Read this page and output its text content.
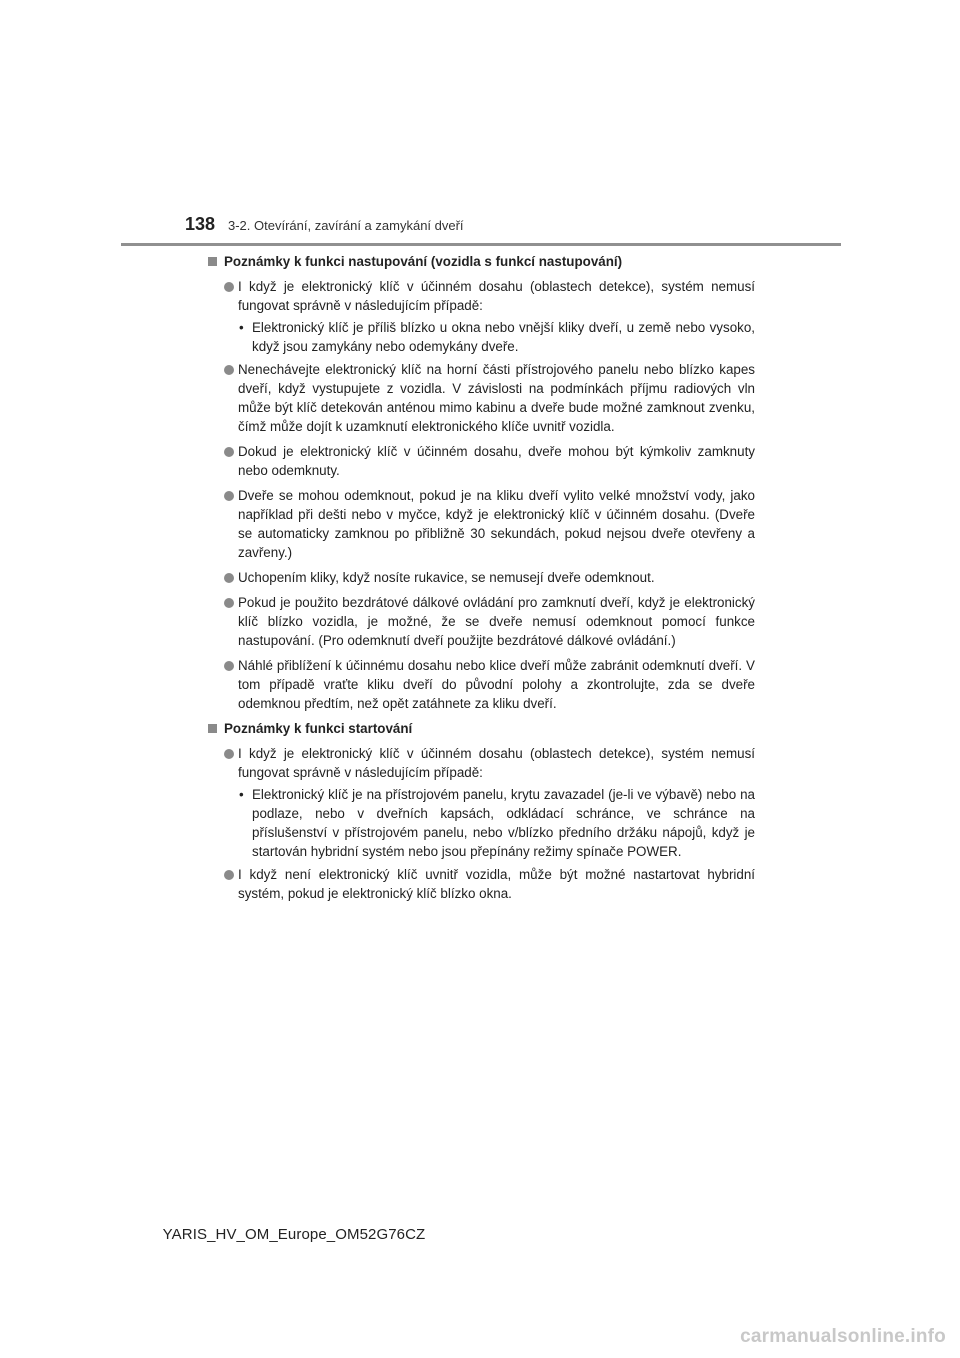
138 3-2. Otevírání, zavírání a zamykání dveří
Poznámky k funkci nastupování (vozidla s funkcí nastupování)
I když je elektronický klíč v účinném dosahu (oblastech detekce), systém nemusí fungovat správně v následujícím případě:
• Elektronický klíč je příliš blízko u okna nebo vnější kliky dveří, u země nebo vysoko, když jsou zamykány nebo odemykány dveře.
Nenechávejte elektronický klíč na horní části přístrojového panelu nebo blízko kapes dveří, když vystupujete z vozidla. V závislosti na podmínkách příjmu radiových vln může být klíč detekován anténou mimo kabinu a dveře bude možné zamknout zvenku, čímž může dojít k uzamknutí elektronického klíče uvnitř vozidla.
Dokud je elektronický klíč v účinném dosahu, dveře mohou být kýmkoliv zamknuty nebo odemknuty.
Dveře se mohou odemknout, pokud je na kliku dveří vylito velké množství vody, jako například při dešti nebo v myčce, když je elektronický klíč v účinném dosahu. (Dveře se automaticky zamknou po přibližně 30 sekundách, pokud nejsou dveře otevřeny a zavřeny.)
Uchopením kliky, když nosíte rukavice, se nemusejí dveře odemknout.
Pokud je použito bezdrátové dálkové ovládání pro zamknutí dveří, když je elektronický klíč blízko vozidla, je možné, že se dveře nemusí odemknout pomocí funkce nastupování. (Pro odemknutí dveří použijte bezdrátové dálkové ovládání.)
Náhlé přiblížení k účinnému dosahu nebo klice dveří může zabránit odemknutí dveří. V tom případě vraťte kliku dveří do původní polohy a zkontrolujte, zda se dveře odemknou předtím, než opět zatáhnete za kliku dveří.
Poznámky k funkci startování
I když je elektronický klíč v účinném dosahu (oblastech detekce), systém nemusí fungovat správně v následujícím případě:
• Elektronický klíč je na přístrojovém panelu, krytu zavazadel (je-li ve výbavě) nebo na podlaze, nebo v dveřních kapsách, odkládací schránce, ve schránce na příslušenství v přístrojovém panelu, nebo v/blízko předního držáku nápojů, když je startován hybridní systém nebo jsou přepínány režimy spínače POWER.
I když není elektronický klíč uvnitř vozidla, může být možné nastartovat hybridní systém, pokud je elektronický klíč blízko okna.
YARIS_HV_OM_Europe_OM52G76CZ
carmanualsonline.info
